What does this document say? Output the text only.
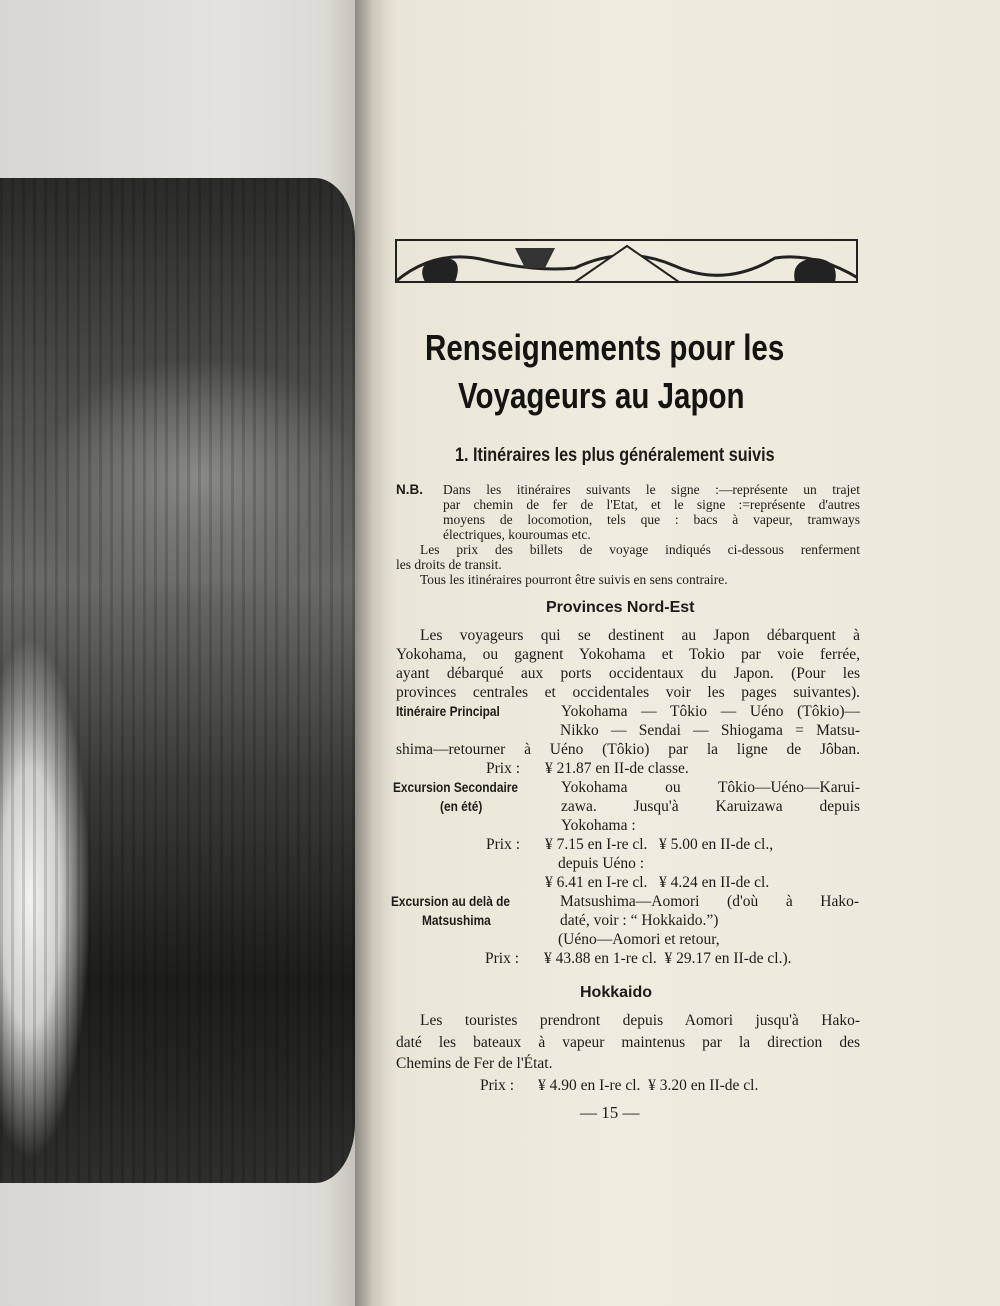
Renseignements pour les
Voyageurs au Japon
1. Itinéraires les plus généralement suivis
N.B. Dans les itinéraires suivants le signe :—représente un trajet
par chemin de fer de l'Etat, et le signe :=représente d'autres
moyens de locomotion, tels que : bacs à vapeur, tramways
électriques, kouroumas etc.
Les prix des billets de voyage indiqués ci-dessous renferment
les droits de transit.
Tous les itinéraires pourront être suivis en sens contraire.
Provinces Nord-Est
Les voyageurs qui se destinent au Japon débarquent à
Yokohama, ou gagnent Yokohama et Tokio par voie ferrée,
ayant débarqué aux ports occidentaux du Japon. (Pour les
provinces centrales et occidentales voir les pages suivantes).
Itinéraire Principal	Yokohama — Tôkio — Uéno (Tôkio)—
Nikko — Sendai — Shiogama = Matsu-
shima—retourner à Uéno (Tôkio) par la ligne de Jôban.
Prix : ¥ 21.87 en II-de classe.
Excursion Secondaire
(en été)
Yokohama ou Tôkio—Uéno—Karui-
zawa. Jusqu'à Karuizawa depuis
Yokohama :
Prix : ¥ 7.15 en I-re cl.   ¥ 5.00 en II-de cl.,
depuis Uéno :
¥ 6.41 en I-re cl.   ¥ 4.24 en II-de cl.
Excursion au delà de
Matsushima
Matsushima—Aomori (d'où à Hako-
daté, voir : “ Hokkaido.”)
(Uéno—Aomori et retour,
Prix : ¥ 43.88 en 1-re cl.  ¥ 29.17 en II-de cl.).
Hokkaido
Les touristes prendront depuis Aomori jusqu'à Hako-
daté les bateaux à vapeur maintenus par la direction des
Chemins de Fer de l'État.
Prix : ¥ 4.90 en I-re cl.  ¥ 3.20 en II-de cl.
— 15 —
